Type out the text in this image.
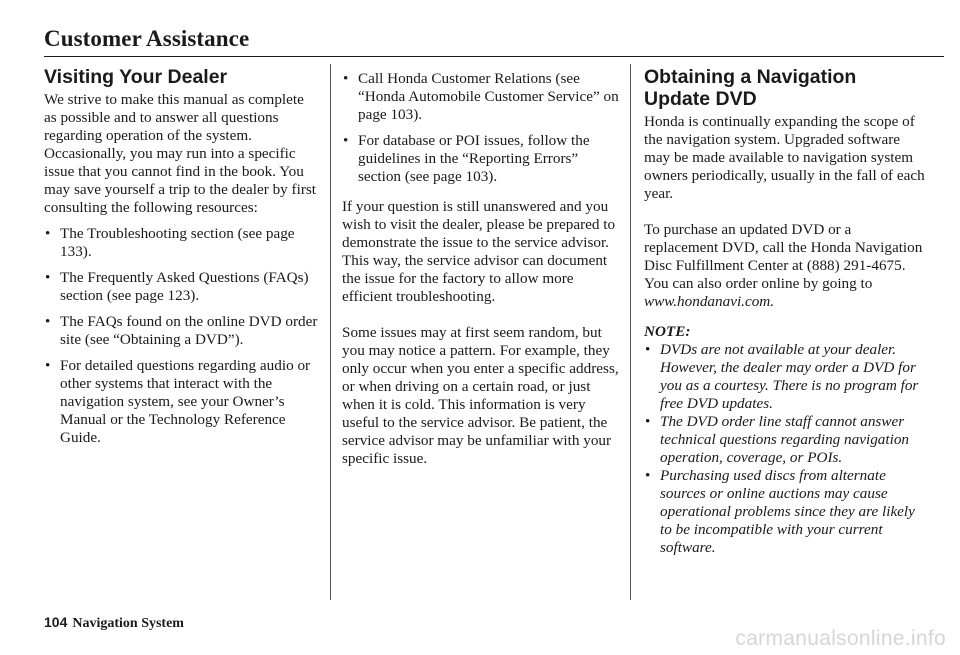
Customer Assistance
Visiting Your Dealer

We strive to make this manual as complete as possible and to answer all questions regarding operation of the system. Occasionally, you may run into a specific issue that you cannot find in the book. You may save yourself a trip to the dealer by first consulting the following resources:

• The Troubleshooting section (see page 133).
• The Frequently Asked Questions (FAQs) section (see page 123).
• The FAQs found on the online DVD order site (see “Obtaining a DVD”).
• For detailed questions regarding audio or other systems that interact with the navigation system, see your Owner’s Manual or the Technology Reference Guide.
• Call Honda Customer Relations (see “Honda Automobile Customer Service” on page 103).
• For database or POI issues, follow the guidelines in the “Reporting Errors” section (see page 103).

If your question is still unanswered and you wish to visit the dealer, please be prepared to demonstrate the issue to the service advisor. This way, the service advisor can document the issue for the factory to allow more efficient troubleshooting.

Some issues may at first seem random, but you may notice a pattern. For example, they only occur when you enter a specific address, or when driving on a certain road, or just when it is cold. This information is very useful to the service advisor. Be patient, the service advisor may be unfamiliar with your specific issue.

Obtaining a Navigation Update DVD

Honda is continually expanding the scope of the navigation system. Upgraded software may be made available to navigation system owners periodically, usually in the fall of each year.

To purchase an updated DVD or a replacement DVD, call the Honda Navigation Disc Fulfillment Center at (888) 291-4675. You can also order online by going to www.hondanavi.com.

NOTE:
• DVDs are not available at your dealer. However, the dealer may order a DVD for you as a courtesy. There is no program for free DVD updates.
• The DVD order line staff cannot answer technical questions regarding navigation operation, coverage, or POIs.
• Purchasing used discs from alternate sources or online auctions may cause operational problems since they are likely to be incompatible with your current software.
104 Navigation System
carmanualsonline.info
